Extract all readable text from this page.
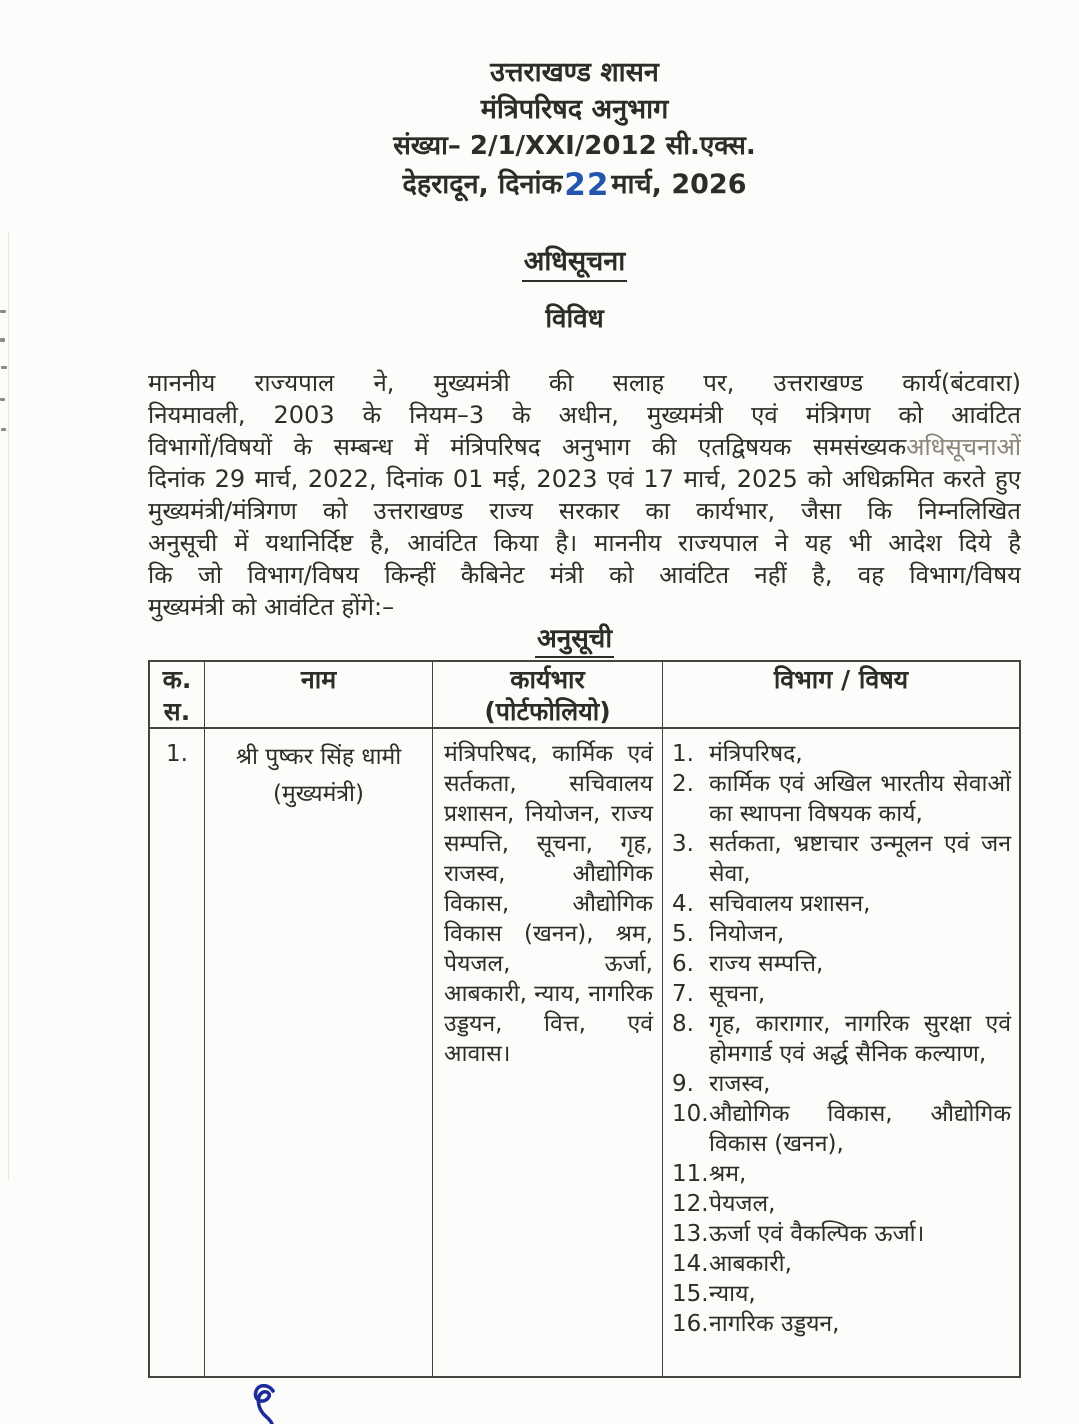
उत्तराखण्ड शासन
मंत्रिपरिषद अनुभाग
संख्या– 2/1/XXI/2012 सी.एक्स.
देहरादून, दिनांक22मार्च, 2026
अधिसूचना
विविध
माननीय राज्यपाल ने, मुख्यमंत्री की सलाह पर, उत्तराखण्ड कार्य(बंटवारा)
नियमावली, 2003 के नियम–3 के अधीन, मुख्यमंत्री एवं मंत्रिगण को आवंटित
विभागों/विषयों के सम्बन्ध में मंत्रिपरिषद अनुभाग की एतद्विषयक समसंख्यकअधिसूचनाओं
दिनांक 29 मार्च, 2022, दिनांक 01 मई, 2023 एवं 17 मार्च, 2025 को अधिक्रमित करते हुए
मुख्यमंत्री/मंत्रिगण को उत्तराखण्ड राज्य सरकार का कार्यभार, जैसा कि निम्नलिखित
अनुसूची में यथानिर्दिष्ट है, आवंटित किया है। माननीय राज्यपाल ने यह भी आदेश दिये है
कि जो विभाग/विषय किन्हीं कैबिनेट मंत्री को आवंटित नहीं है, वह विभाग/विषय
मुख्यमंत्री को आवंटित होंगे:–
अनुसूची
क.
स.
नाम	कार्यभार
(पोर्टफोलियो)
विभाग / विषय
1.	श्री पुष्कर सिंह धामी
(मुख्यमंत्री)
मंत्रिपरिषद, कार्मिक एवं सर्तकता, सचिवालय प्रशासन, नियोजन, राज्य सम्पत्ति, सूचना, गृह, राजस्व, औद्योगिक विकास, औद्योगिक विकास (खनन), श्रम, पेयजल, ऊर्जा, आबकारी, न्याय, नागरिक उड्डयन, वित्त, एवं आवास।
1. मंत्रिपरिषद,
2. कार्मिक एवं अखिल भारतीय सेवाओं का स्थापना विषयक कार्य,
3. सर्तकता, भ्रष्टाचार उन्मूलन एवं जन सेवा,
4. सचिवालय प्रशासन,
5. नियोजन,
6. राज्य सम्पत्ति,
7. सूचना,
8. गृह, कारागार, नागरिक सुरक्षा एवं होमगार्ड एवं अर्द्ध सैनिक कल्याण,
9. राजस्व,
10. औद्योगिक विकास, औद्योगिक विकास (खनन),
11. श्रम,
12. पेयजल,
13. ऊर्जा एवं वैकल्पिक ऊर्जा।
14. आबकारी,
15. न्याय,
16. नागरिक उड्डयन,
